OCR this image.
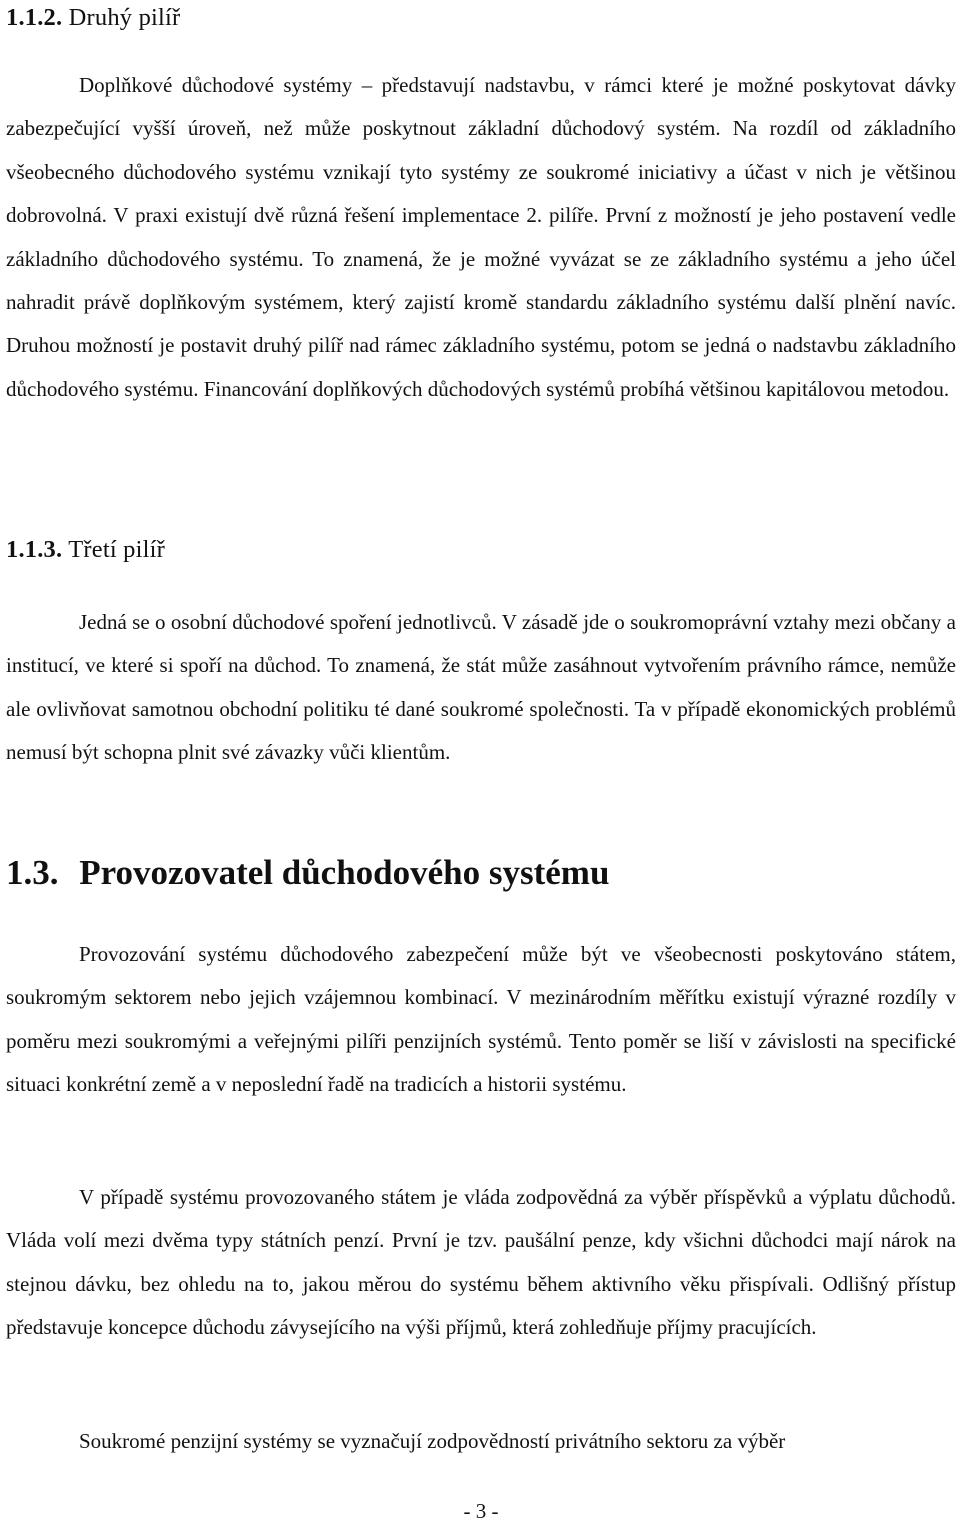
1.1.2. Druhý pilíř

Doplňkové důchodové systémy – představují nadstavbu, v rámci které je možné poskytovat dávky zabezpečující vyšší úroveň, než může poskytnout základní důchodový systém. Na rozdíl od základního všeobecného důchodového systému vznikají tyto systémy ze soukromé iniciativy a účast v nich je většinou dobrovolná. V praxi existují dvě různá řešení implementace 2. pilíře. První z možností je jeho postavení vedle základního důchodového systému. To znamená, že je možné vyvázat se ze základního systému a jeho účel nahradit právě doplňkovým systémem, který zajistí kromě standardu základního systému další plnění navíc. Druhou možností je postavit druhý pilíř nad rámec základního systému, potom se jedná o nadstavbu základního důchodového systému. Financování doplňkových důchodových systémů probíhá většinou kapitálovou metodou.

1.1.3. Třetí pilíř

Jedná se o osobní důchodové spoření jednotlivců. V zásadě jde o soukromoprávní vztahy mezi občany a institucí, ve které si spoří na důchod. To znamená, že stát může zasáhnout vytvořením právního rámce, nemůže ale ovlivňovat samotnou obchodní politiku té dané soukromé společnosti. Ta v případě ekonomických problémů nemusí být schopna plnit své závazky vůči klientům.

1.3. Provozovatel důchodového systému

Provozování systému důchodového zabezpečení může být ve všeobecnosti poskytováno státem, soukromým sektorem nebo jejich vzájemnou kombinací. V mezinárodním měřítku existují výrazné rozdíly v poměru mezi soukromými a veřejnými pilíři penzijních systémů. Tento poměr se liší v závislosti na specifické situaci konkrétní země a v neposlední řadě na tradicích a historii systému.

V případě systému provozovaného státem je vláda zodpovědná za výběr příspěvků a výplatu důchodů. Vláda volí mezi dvěma typy státních penzí. První je tzv. paušální penze, kdy všichni důchodci mají nárok na stejnou dávku, bez ohledu na to, jakou měrou do systému během aktivního věku přispívali. Odlišný přístup představuje koncepce důchodu závysejícího na výši příjmů, která zohledňuje příjmy pracujících.

Soukromé penzijní systémy se vyznačují zodpovědností privátního sektoru za výběr

- 3 -
